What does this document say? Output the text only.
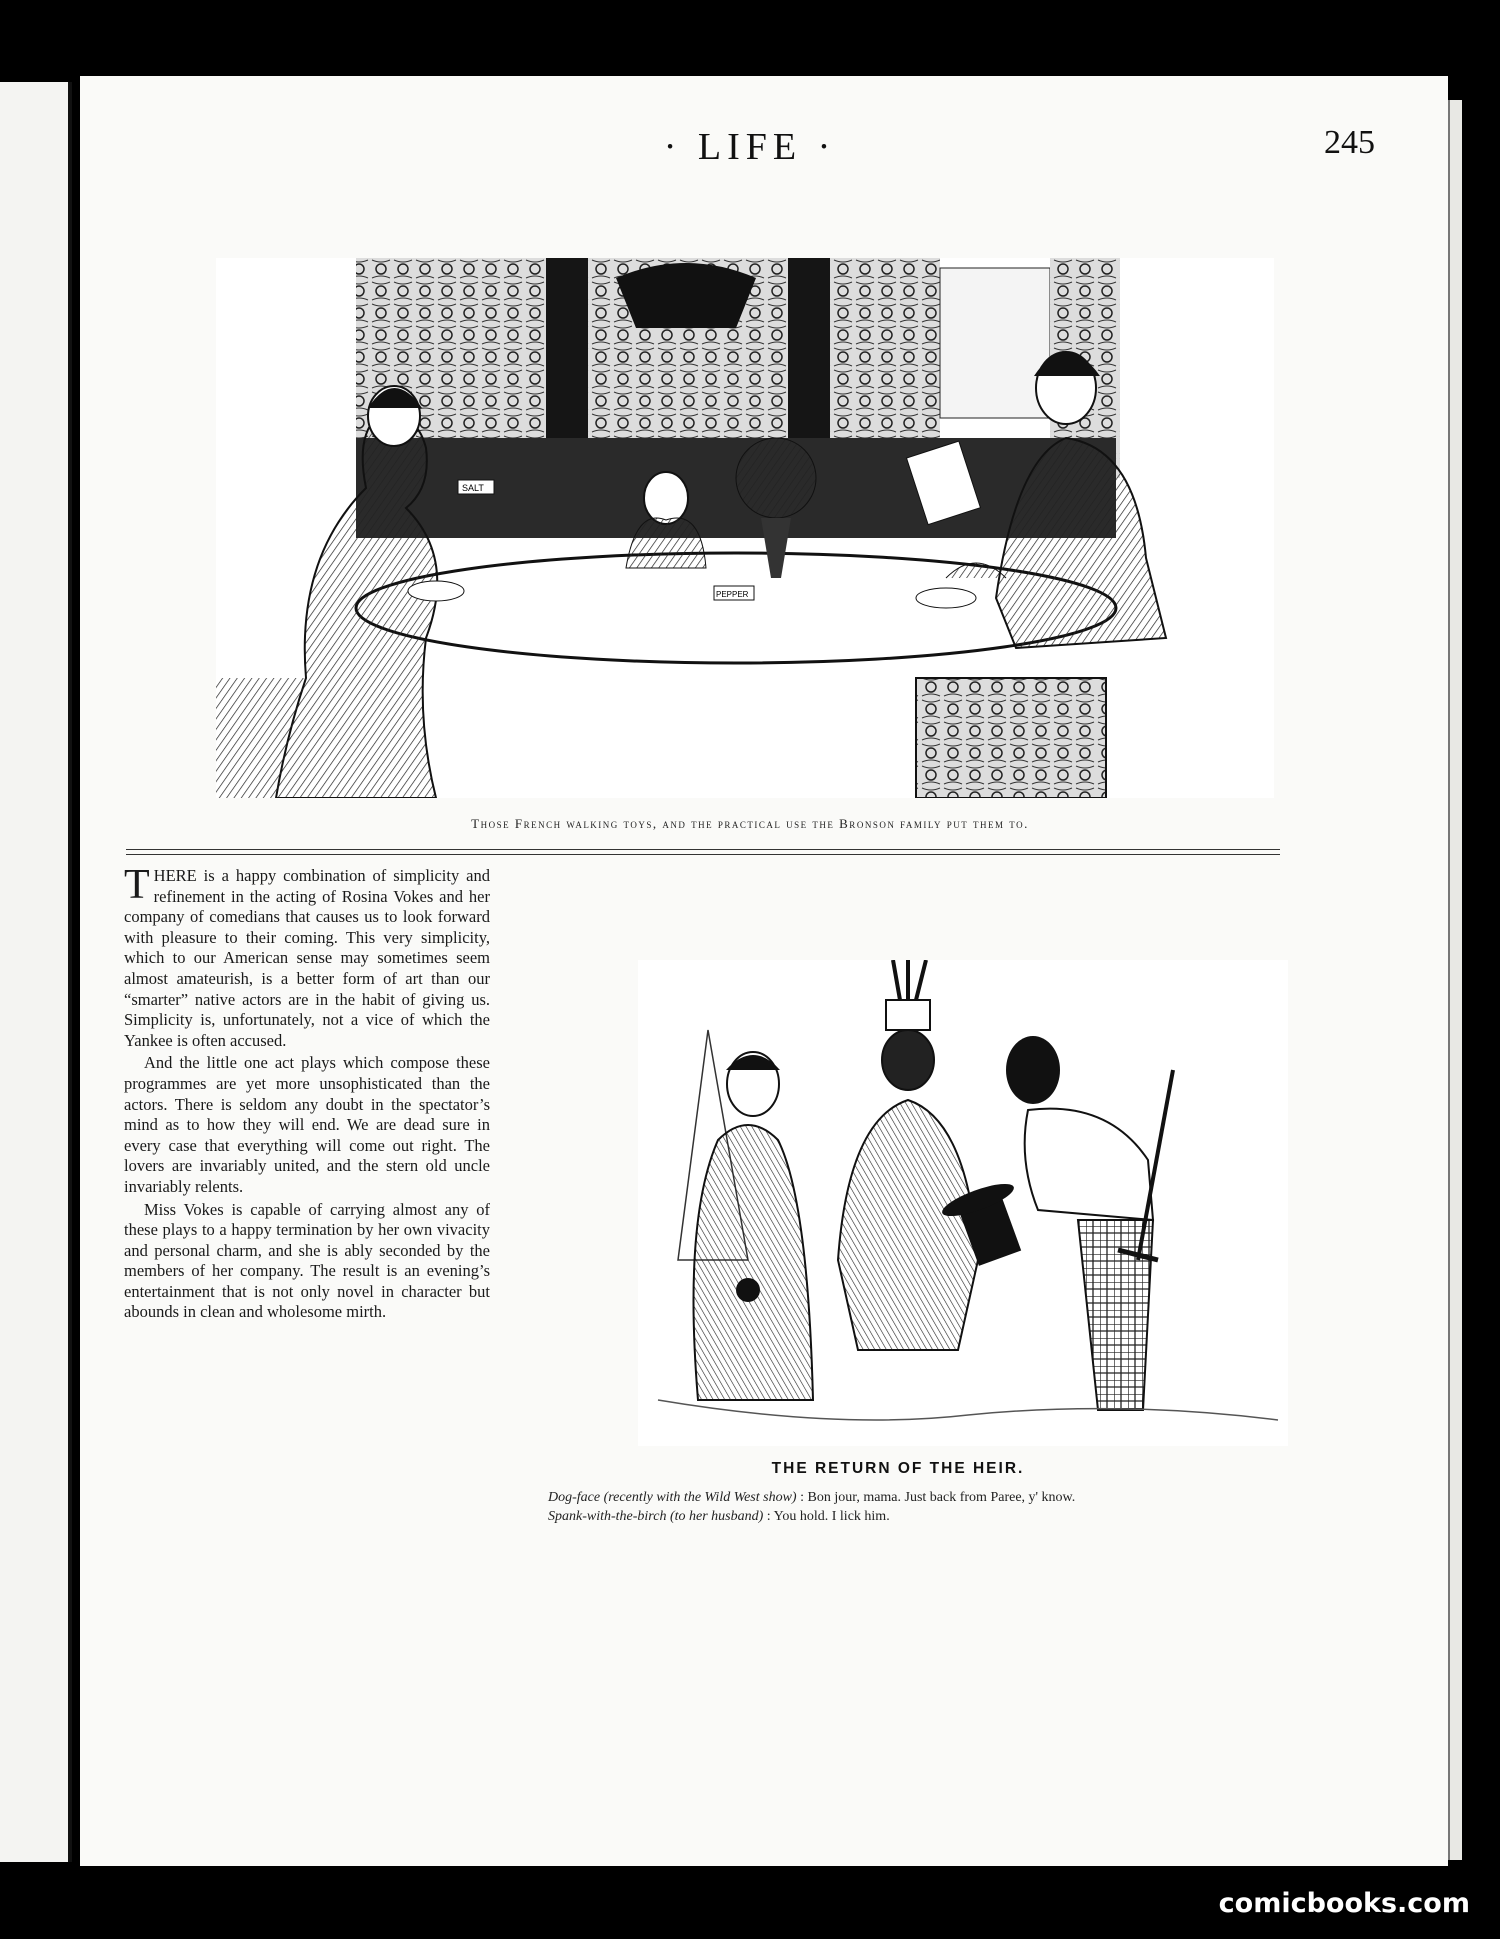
· LIFE ·	245
SALT
PEPPER
Those French walking toys, and the practical use the Bronson family put them to.

THERE is a happy combination of simplicity and refinement in the acting of Rosina Vokes and her company of comedians that causes us to look forward with pleasure to their coming. This very simplicity, which to our American sense may sometimes seem almost amateurish, is a better form of art than our “smarter” native actors are in the habit of giving us. Simplicity is, unfortunately, not a vice of which the Yankee is often accused.

And the little one act plays which compose these programmes are yet more unsophisticated than the actors. There is seldom any doubt in the spectator’s mind as to how they will end. We are dead sure in every case that everything will come out right. The lovers are invariably united, and the stern old uncle invariably relents.

Miss Vokes is capable of carrying almost any of these plays to a happy termination by her own vivacity and personal charm, and she is ably seconded by the members of her company. The result is an evening’s entertainment that is not only novel in character but abounds in clean and wholesome mirth.

THE RETURN OF THE HEIR.

Dog-face (recently with the Wild West show) : Bon jour, mama. Just back from Paree, y' know.

Spank-with-the-birch (to her husband) : You hold. I lick him.

comicbooks.com
